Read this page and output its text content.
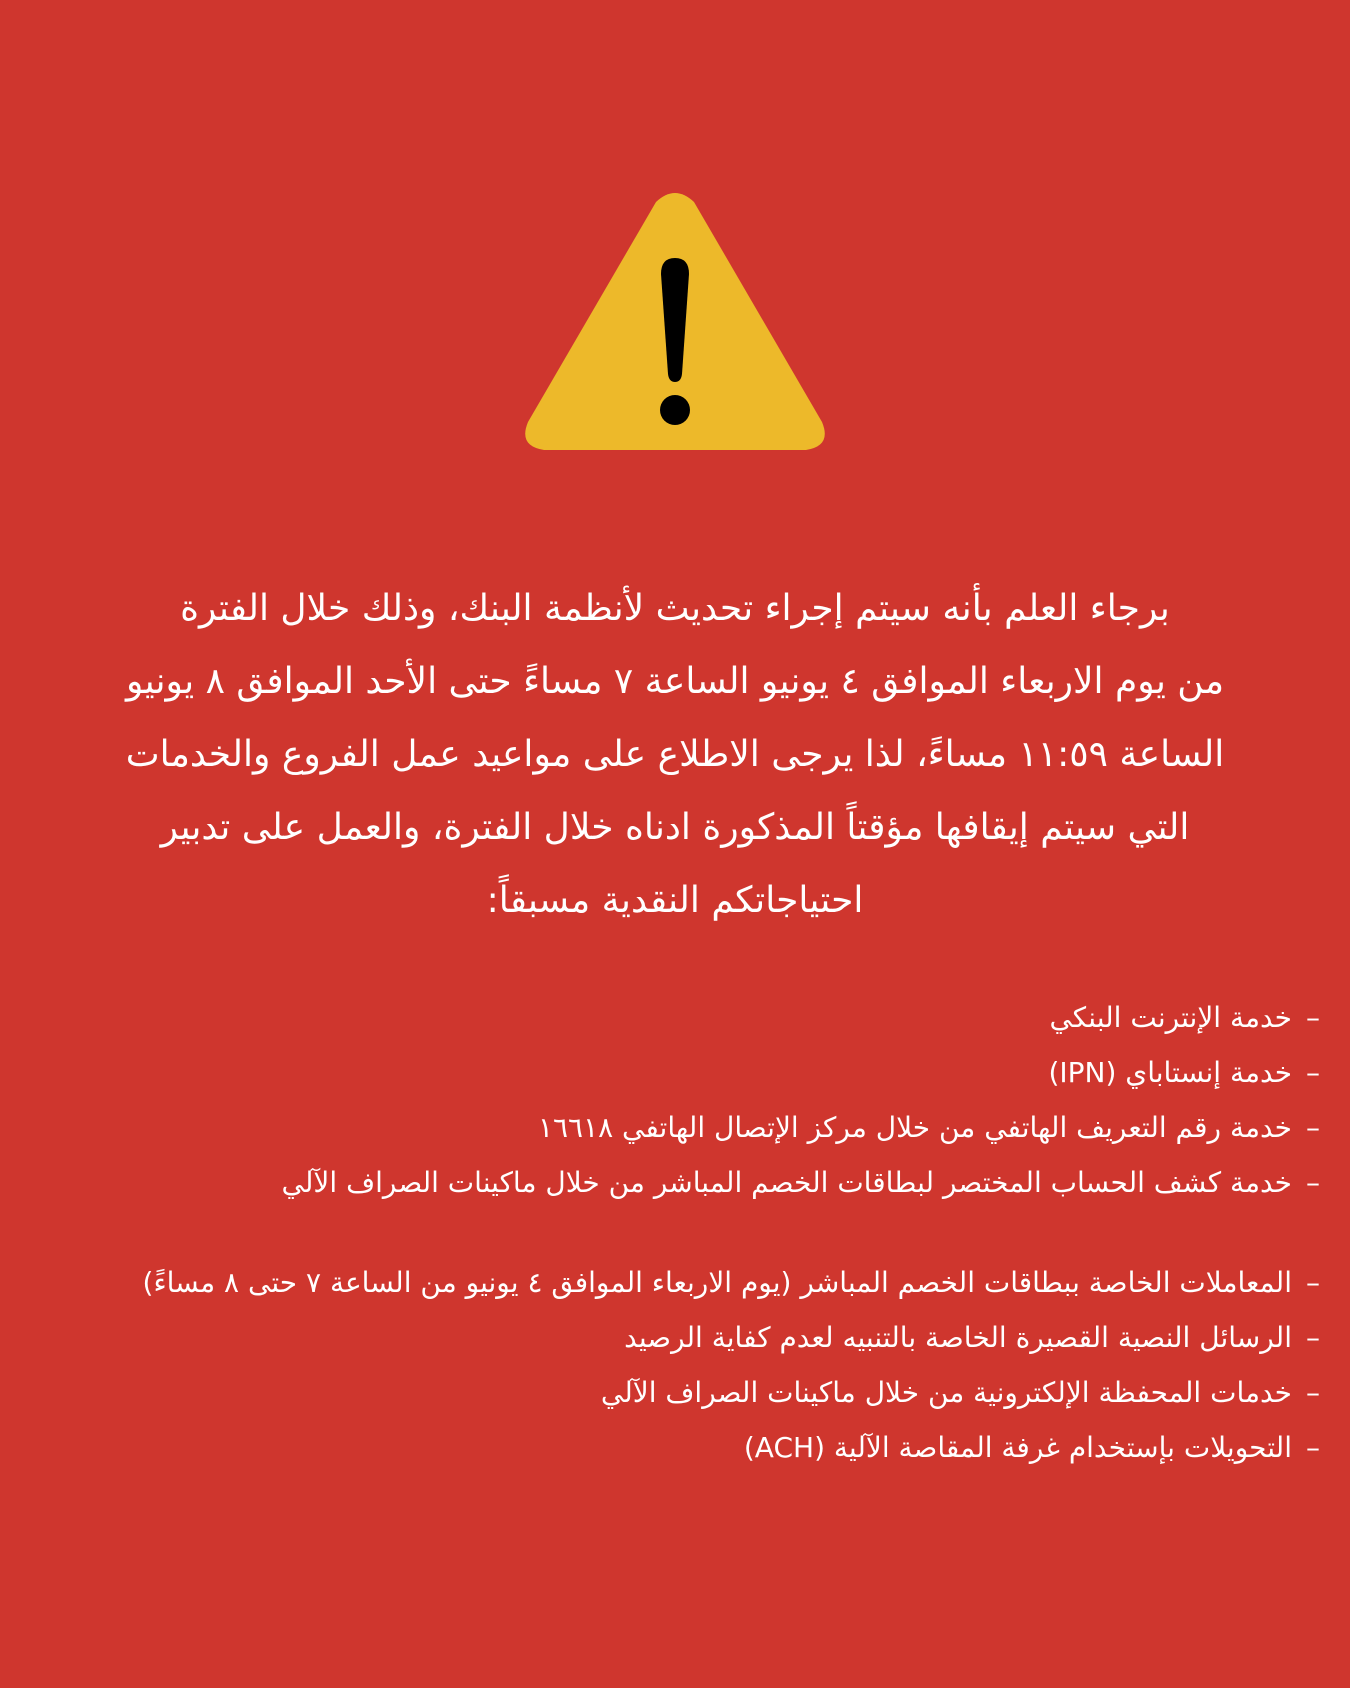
برجاء العلم بأنه سيتم إجراء تحديث لأنظمة البنك، وذلك خلال الفترة
من يوم الاربعاء الموافق ٤ يونيو الساعة ٧ مساءً حتى الأحد الموافق ٨ يونيو
الساعة ١١:٥٩ مساءً، لذا يرجى الاطلاع على مواعيد عمل الفروع والخدمات
التي سيتم إيقافها مؤقتاً المذكورة ادناه خلال الفترة، والعمل على تدبير
احتياجاتكم النقدية مسبقاً:

–خدمة الإنترنت البنكي
–خدمة إنستاباي (IPN)
–خدمة رقم التعريف الهاتفي من خلال مركز الإتصال الهاتفي ١٦٦١٨
–خدمة كشف الحساب المختصر لبطاقات الخصم المباشر من خلال ماكينات الصراف الآلي
–المعاملات الخاصة ببطاقات الخصم المباشر (يوم الاربعاء الموافق ٤ يونيو من الساعة ٧ حتى ٨ مساءً)
–الرسائل النصية القصيرة الخاصة بالتنبيه لعدم كفاية الرصيد
–خدمات المحفظة الإلكترونية من خلال ماكينات الصراف الآلي
–التحويلات بإستخدام غرفة المقاصة الآلية (ACH)
